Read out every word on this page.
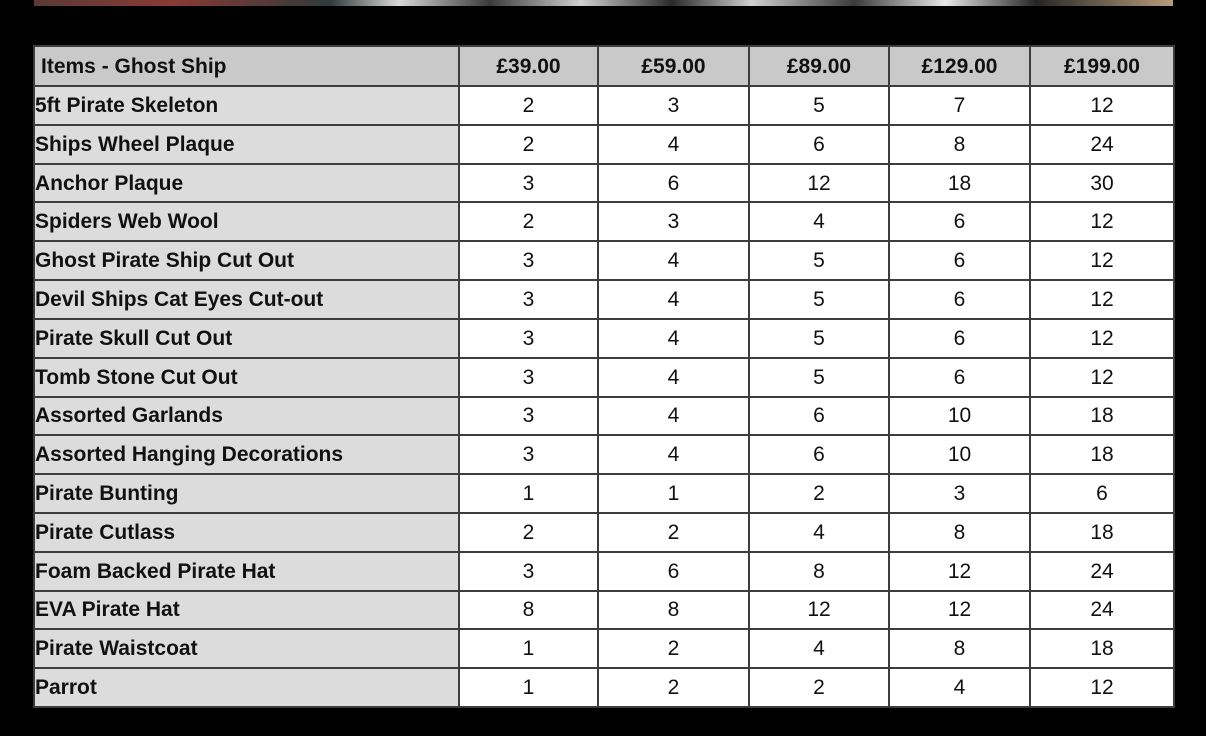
Items - Ghost Ship	£39.00	£59.00	£89.00	£129.00	£199.00
5ft Pirate Skeleton	2	3	5	7	12
Ships Wheel Plaque	2	4	6	8	24
Anchor Plaque	3	6	12	18	30
Spiders Web Wool	2	3	4	6	12
Ghost Pirate Ship Cut Out	3	4	5	6	12
Devil Ships Cat Eyes Cut-out	3	4	5	6	12
Pirate Skull Cut Out	3	4	5	6	12
Tomb Stone Cut Out	3	4	5	6	12
Assorted Garlands	3	4	6	10	18
Assorted Hanging Decorations	3	4	6	10	18
Pirate Bunting	1	1	2	3	6
Pirate Cutlass	2	2	4	8	18
Foam Backed Pirate Hat	3	6	8	12	24
EVA Pirate Hat	8	8	12	12	24
Pirate Waistcoat	1	2	4	8	18
Parrot	1	2	2	4	12
